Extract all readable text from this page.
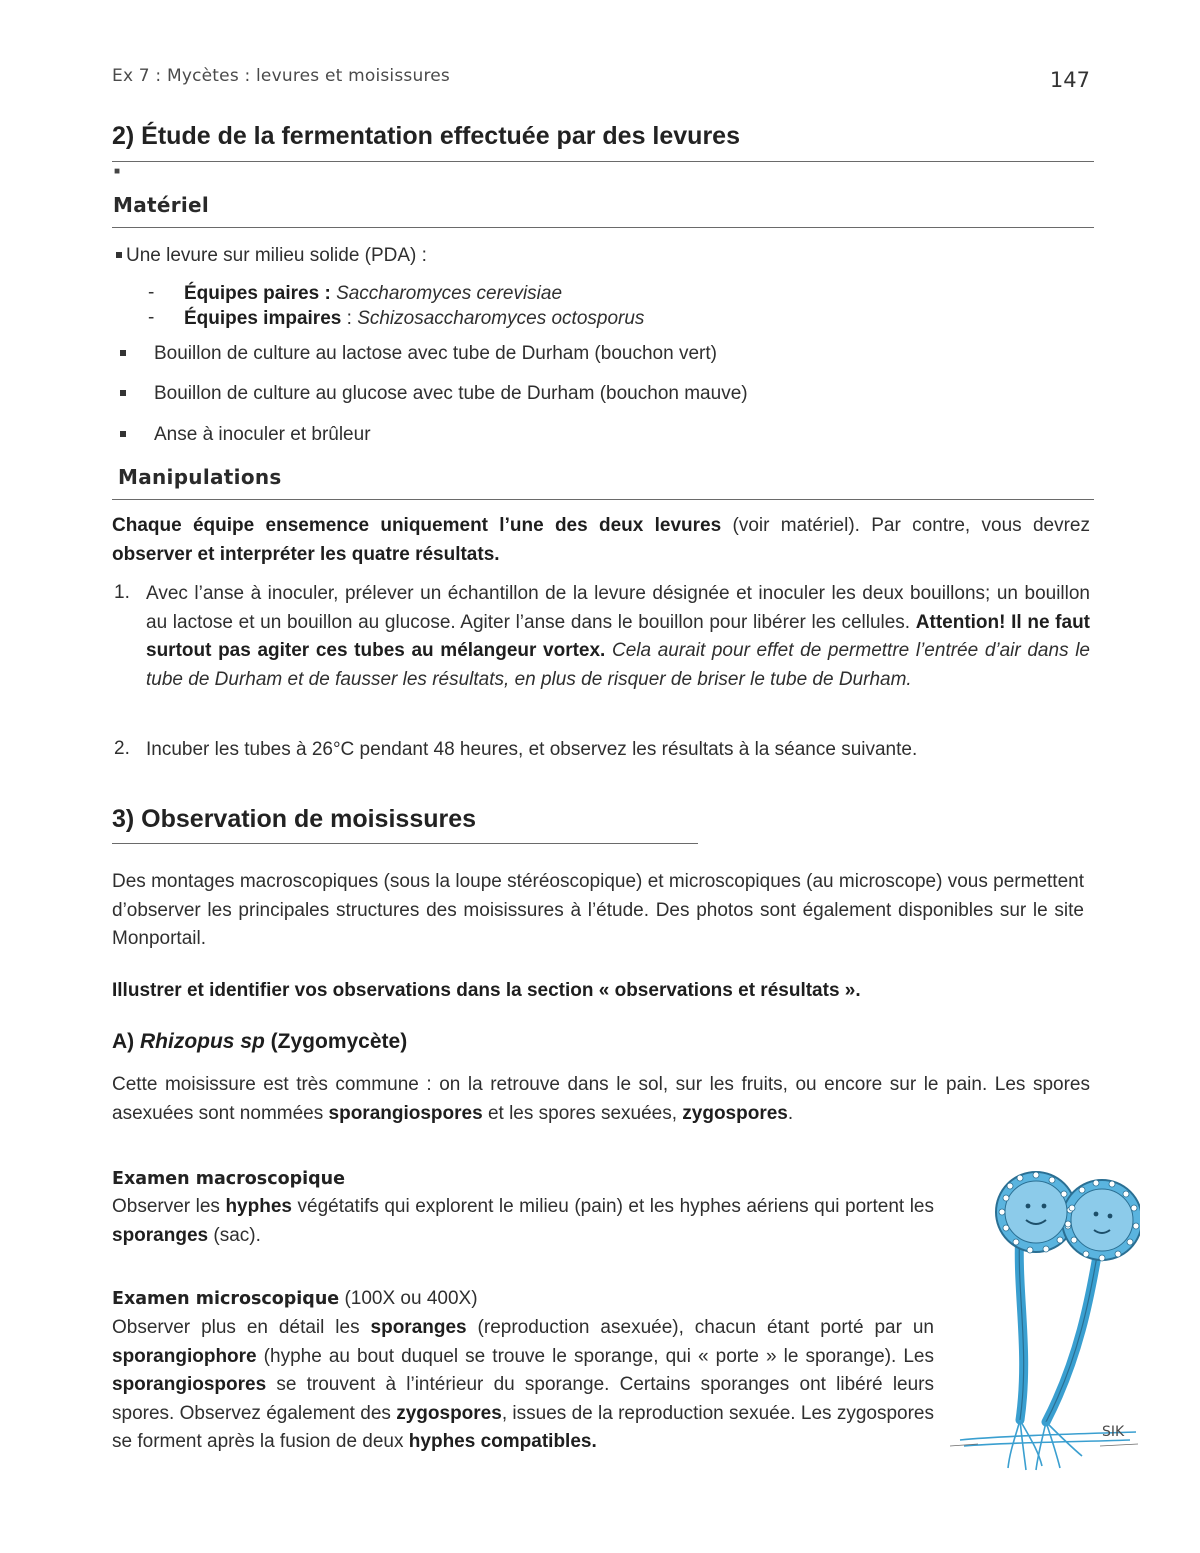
Ex 7 : Mycètes : levures et moisissures	147
2) Étude de la fermentation effectuée par des levures
■
Matériel
Une levure sur milieu solide (PDA) :
- Équipes paires : Saccharomyces cerevisiae
- Équipes impaires : Schizosaccharomyces octosporus
Bouillon de culture au lactose avec tube de Durham (bouchon vert)
Bouillon de culture au glucose avec tube de Durham (bouchon mauve)
Anse à inoculer et brûleur
Manipulations
Chaque équipe ensemence uniquement l’une des deux levures (voir matériel). Par contre, vous devrez observer et interpréter les quatre résultats.
1. Avec l’anse à inoculer, prélever un échantillon de la levure désignée et inoculer les deux bouillons; un bouillon au lactose et un bouillon au glucose. Agiter l’anse dans le bouillon pour libérer les cellules. Attention! Il ne faut surtout pas agiter ces tubes au mélangeur vortex. Cela aurait pour effet de permettre l’entrée d’air dans le tube de Durham et de fausser les résultats, en plus de risquer de briser le tube de Durham.
2. Incuber les tubes à 26°C pendant 48 heures, et observez les résultats à la séance suivante.
3) Observation de moisissures
Des montages macroscopiques (sous la loupe stéréoscopique) et microscopiques (au microscope) vous permettent d’observer les principales structures des moisissures à l’étude. Des photos sont également disponibles sur le site Monportail.
Illustrer et identifier vos observations dans la section « observations et résultats ».
A) Rhizopus sp (Zygomycète)
Cette moisissure est très commune : on la retrouve dans le sol, sur les fruits, ou encore sur le pain. Les spores asexuées sont nommées sporangiospores et les spores sexuées, zygospores.
Examen macroscopique
Observer les hyphes végétatifs qui explorent le milieu (pain) et les hyphes aériens qui portent les sporanges (sac).
Examen microscopique (100X ou 400X)
Observer plus en détail les sporanges (reproduction asexuée), chacun étant porté par un sporangiophore (hyphe au bout duquel se trouve le sporange, qui « porte » le sporange). Les sporangiospores se trouvent à l’intérieur du sporange. Certains sporanges ont libéré leurs spores. Observez également des zygospores, issues de la reproduction sexuée. Les zygospores se forment après la fusion de deux hyphes compatibles.	SIK
